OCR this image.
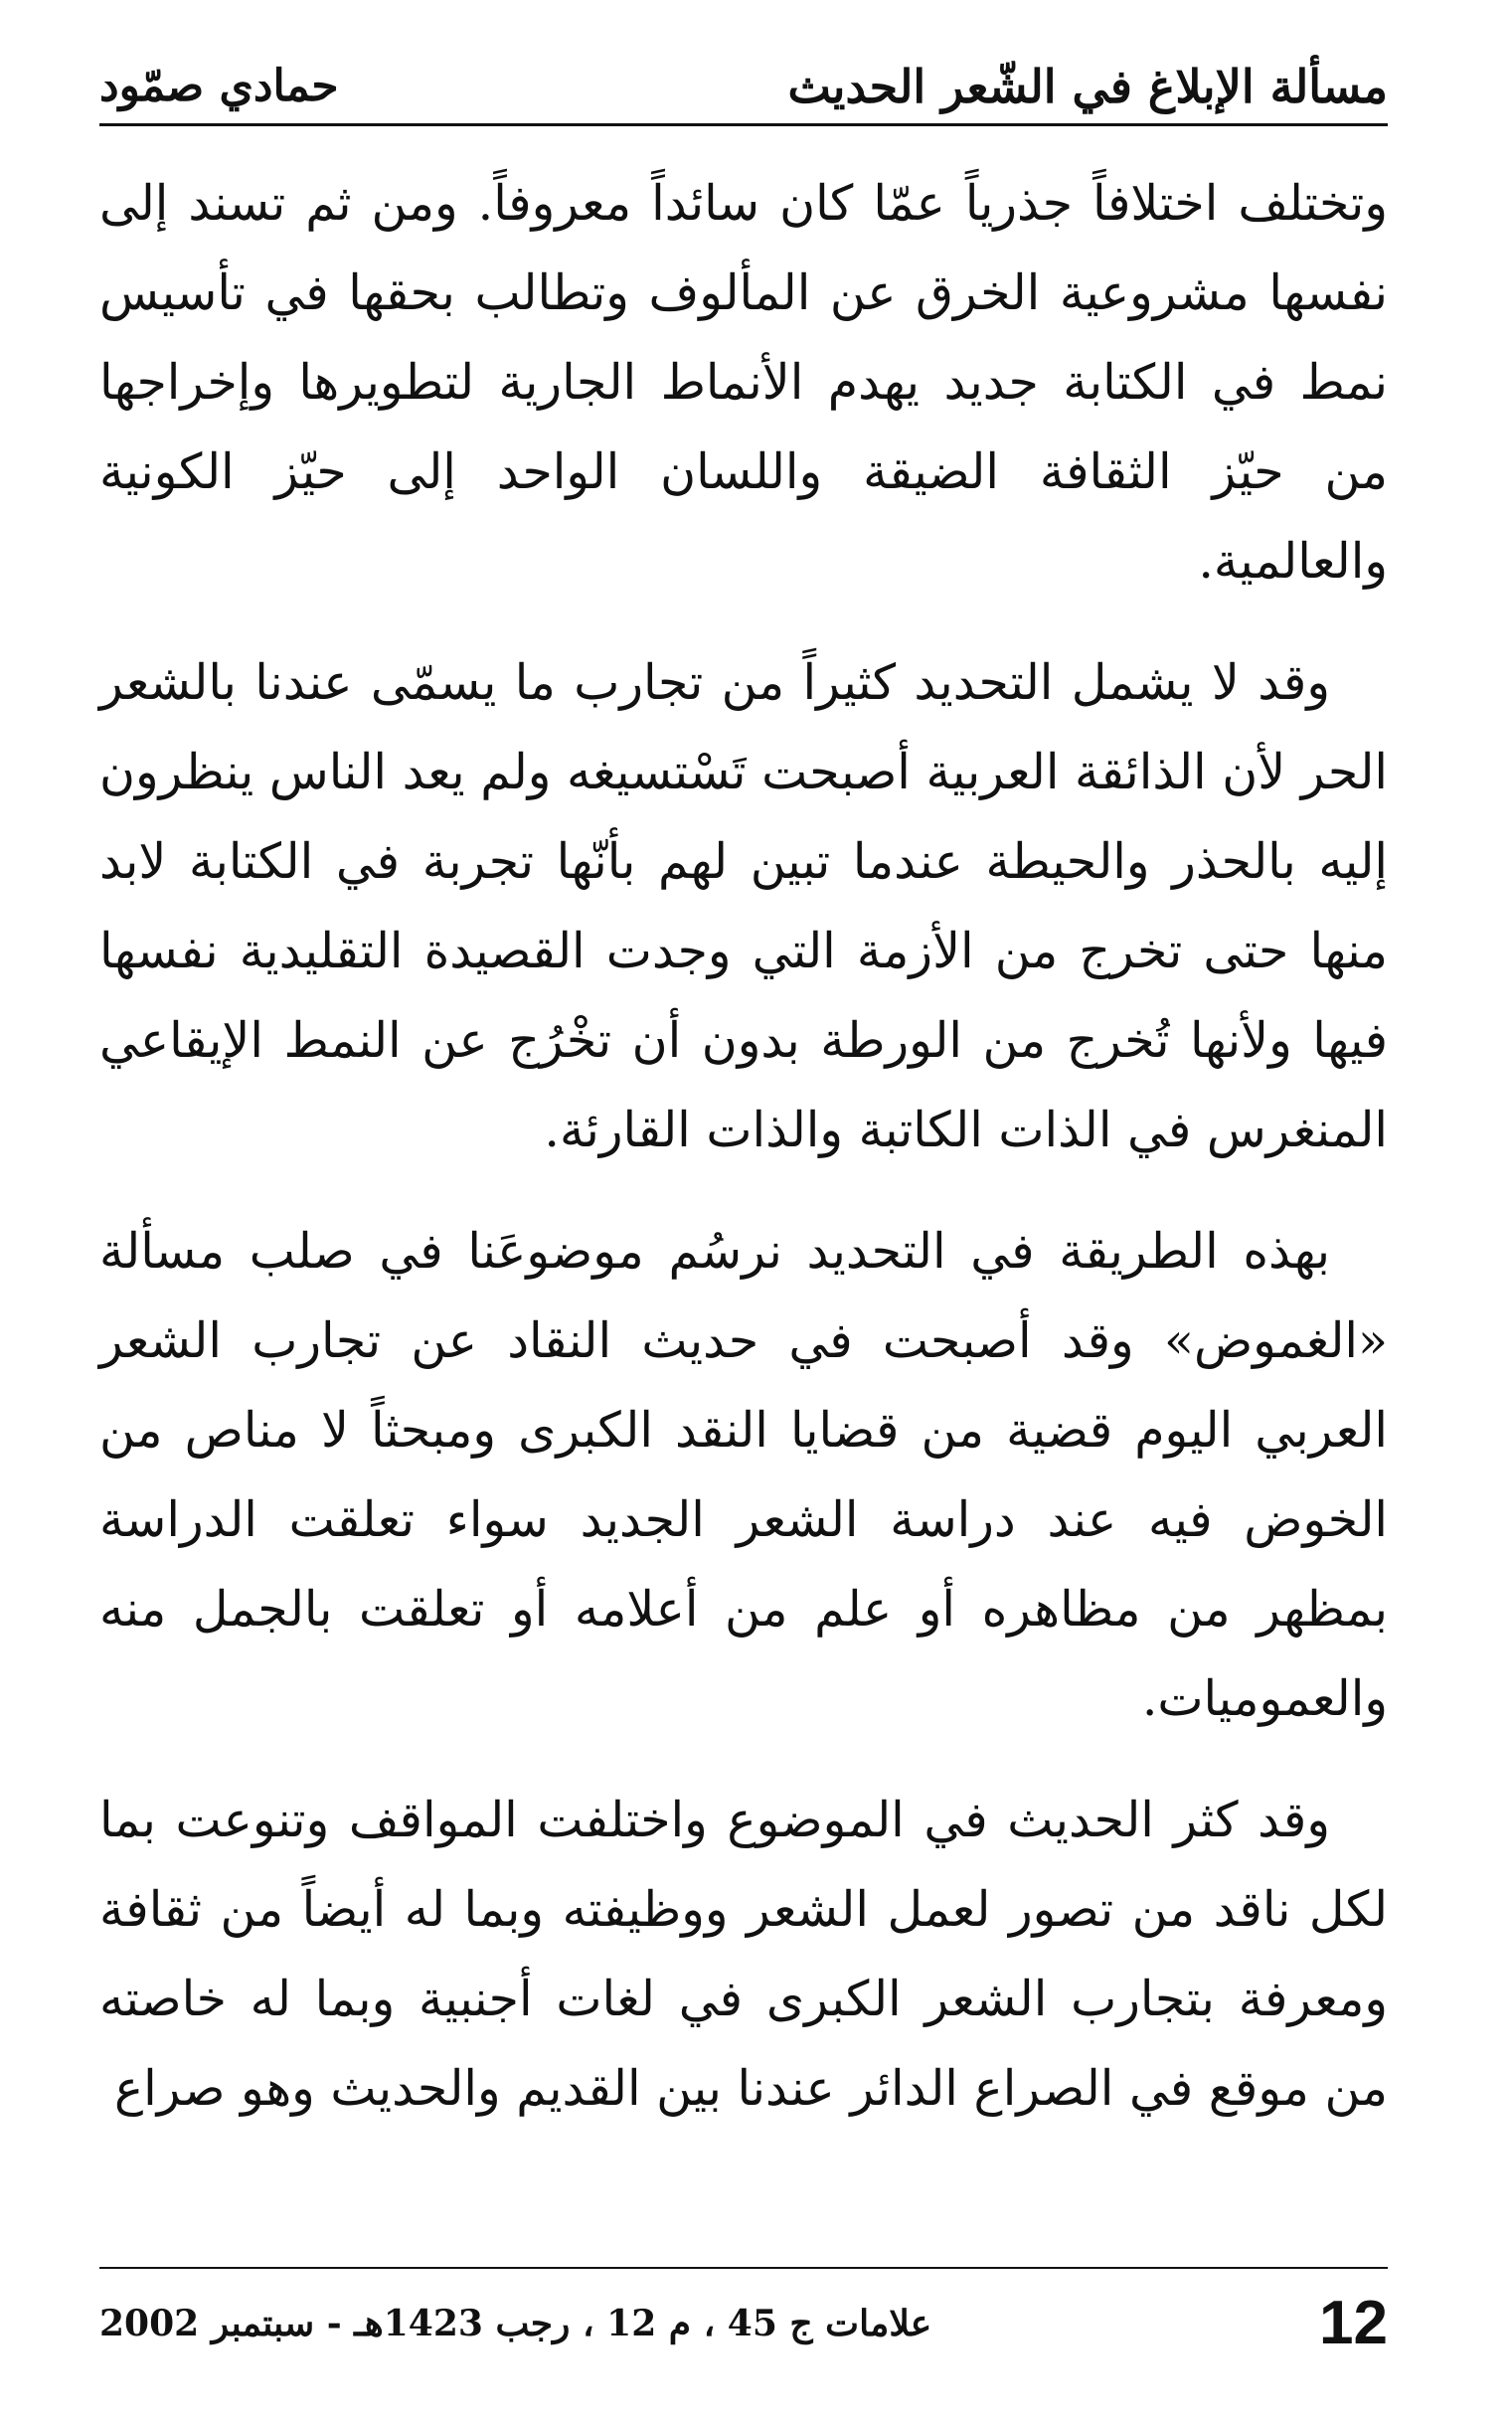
مسألة الإبلاغ في الشّعر الحديث
حمادي صمّود

وتختلف اختلافاً جذرياً عمّا كان سائداً معروفاً. ومن ثم تسند إلى نفسها مشروعية الخرق عن المألوف وتطالب بحقها في تأسيس نمط في الكتابة جديد يهدم الأنماط الجارية لتطويرها وإخراجها من حيّز الثقافة الضيقة واللسان الواحد إلى حيّز الكونية والعالمية.

وقد لا يشمل التحديد كثيراً من تجارب ما يسمّى عندنا بالشعر الحر لأن الذائقة العربية أصبحت تَسْتسيغه ولم يعد الناس ينظرون إليه بالحذر والحيطة عندما تبين لهم بأنّها تجربة في الكتابة لابد منها حتى تخرج من الأزمة التي وجدت القصيدة التقليدية نفسها فيها ولأنها تُخرج من الورطة بدون أن تخْرُج عن النمط الإيقاعي المنغرس في الذات الكاتبة والذات القارئة.

بهذه الطريقة في التحديد نرسُم موضوعَنا في صلب مسألة «الغموض» وقد أصبحت في حديث النقاد عن تجارب الشعر العربي اليوم قضية من قضايا النقد الكبرى ومبحثاً لا مناص من الخوض فيه عند دراسة الشعر الجديد سواء تعلقت الدراسة بمظهر من مظاهره أو علم من أعلامه أو تعلقت بالجمل منه والعموميات.

وقد كثر الحديث في الموضوع واختلفت المواقف وتنوعت بما لكل ناقد من تصور لعمل الشعر ووظيفته وبما له أيضاً من ثقافة ومعرفة بتجارب الشعر الكبرى في لغات أجنبية وبما له خاصته من موقع في الصراع الدائر عندنا بين القديم والحديث وهو صراع

12
علامات ج 45 ، م 12 ، رجب 1423هـ - سبتمبر 2002
